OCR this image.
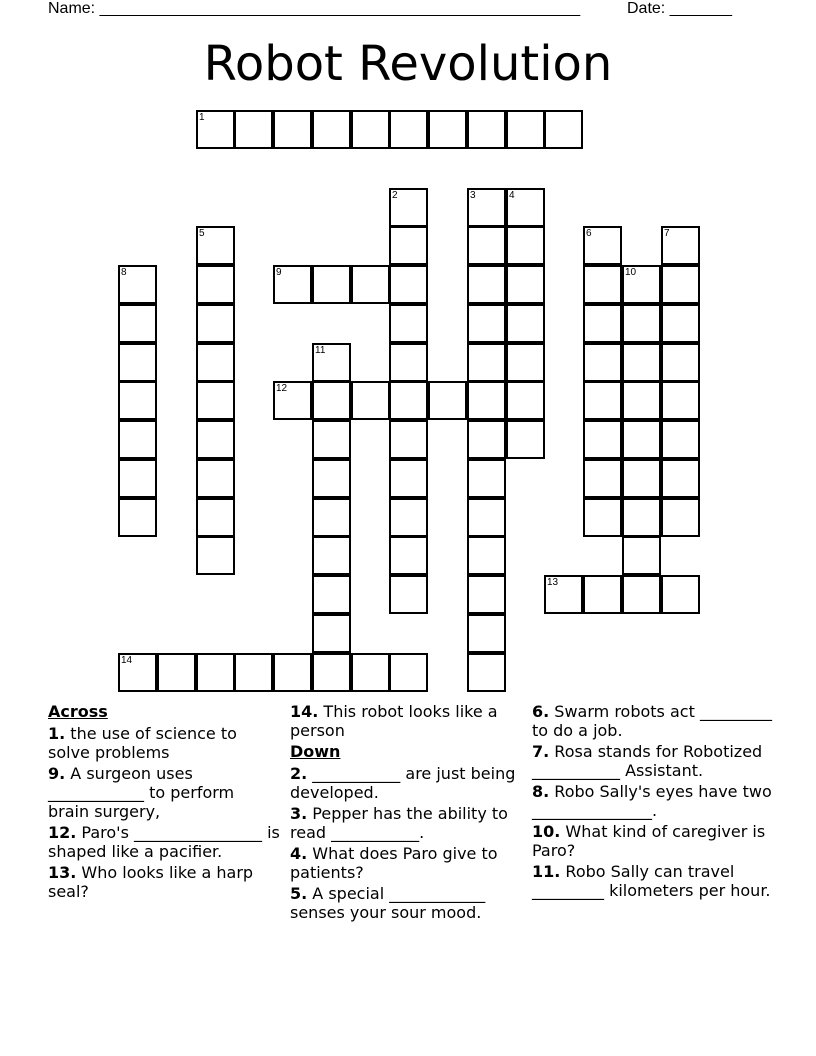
Name: ______________________________________________________	Date: _______
Robot Revolution
1
2	3	4
5	6	7
8	9	10
11
12
13
14
Across

1. the use of science to solve problems

9. A surgeon uses ____________ to perform brain surgery,

12. Paro's ________________ is shaped like a pacifier.

13. Who looks like a harp seal?

14. This robot looks like a person

Down

2. ___________ are just being developed.

3. Pepper has the ability to read ___________.

4. What does Paro give to patients?

5. A special ____________ senses your sour mood.

6. Swarm robots act _________ to do a job.

7. Rosa stands for Robotized ___________ Assistant.

8. Robo Sally's eyes have two _______________.

10. What kind of caregiver is Paro?

11. Robo Sally can travel _________ kilometers per hour.
